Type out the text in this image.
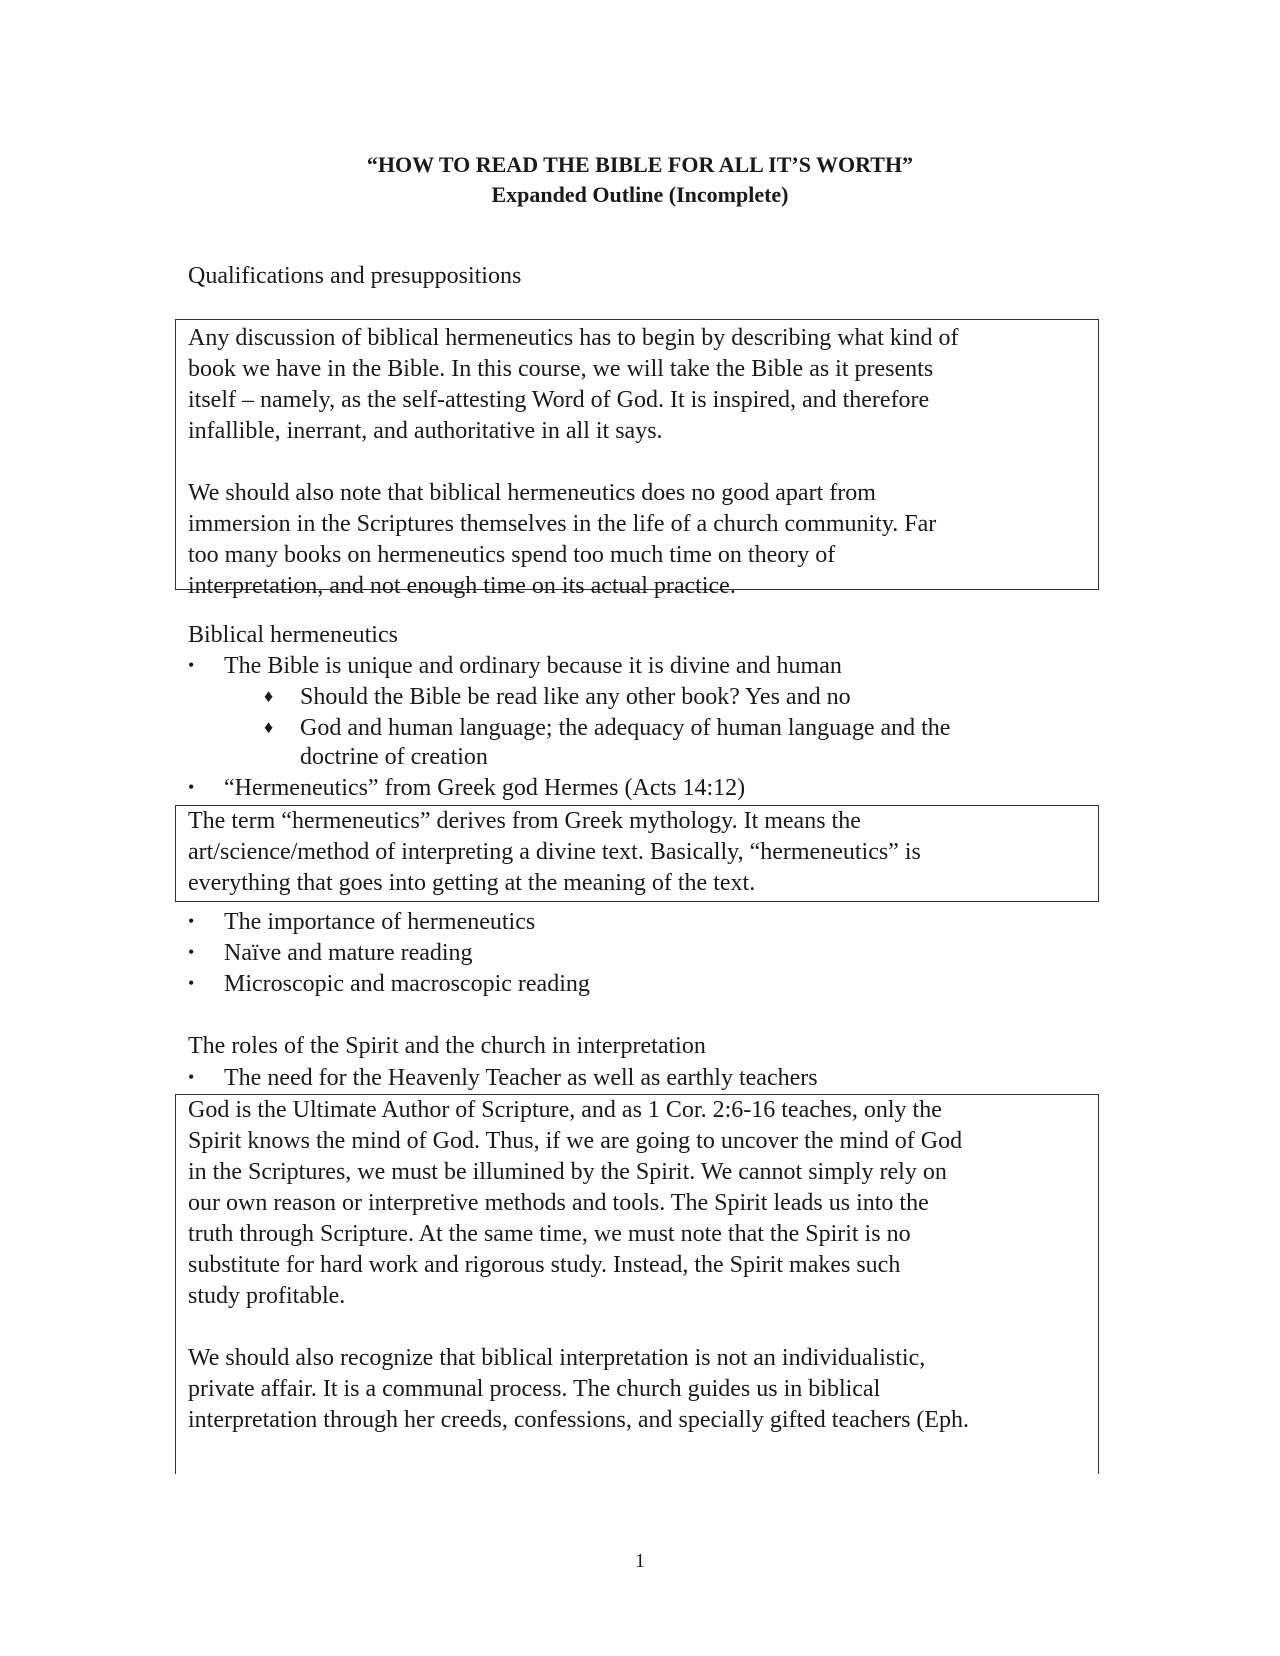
“HOW TO READ THE BIBLE FOR ALL IT’S WORTH”

Expanded Outline (Incomplete)

Qualifications and presuppositions

Any discussion of biblical hermeneutics has to begin by describing what kind of
book we have in the Bible. In this course, we will take the Bible as it presents
itself – namely, as the self-attesting Word of God. It is inspired, and therefore
infallible, inerrant, and authoritative in all it says.
We should also note that biblical hermeneutics does no good apart from
immersion in the Scriptures themselves in the life of a church community. Far
too many books on hermeneutics spend too much time on theory of
interpretation, and not enough time on its actual practice.

Biblical hermeneutics

• The Bible is unique and ordinary because it is divine and human
♦ Should the Bible be read like any other book? Yes and no
♦ God and human language; the adequacy of human language and the
doctrine of creation
• “Hermeneutics” from Greek god Hermes (Acts 14:12)
The term “hermeneutics” derives from Greek mythology. It means the
art/science/method of interpreting a divine text. Basically, “hermeneutics” is
everything that goes into getting at the meaning of the text.
• The importance of hermeneutics
• Naïve and mature reading
• Microscopic and macroscopic reading

The roles of the Spirit and the church in interpretation

• The need for the Heavenly Teacher as well as earthly teachers
God is the Ultimate Author of Scripture, and as 1 Cor. 2:6-16 teaches, only the
Spirit knows the mind of God. Thus, if we are going to uncover the mind of God
in the Scriptures, we must be illumined by the Spirit. We cannot simply rely on
our own reason or interpretive methods and tools. The Spirit leads us into the
truth through Scripture. At the same time, we must note that the Spirit is no
substitute for hard work and rigorous study. Instead, the Spirit makes such
study profitable.
We should also recognize that biblical interpretation is not an individualistic,
private affair. It is a communal process. The church guides us in biblical
interpretation through her creeds, confessions, and specially gifted teachers (Eph.
1
